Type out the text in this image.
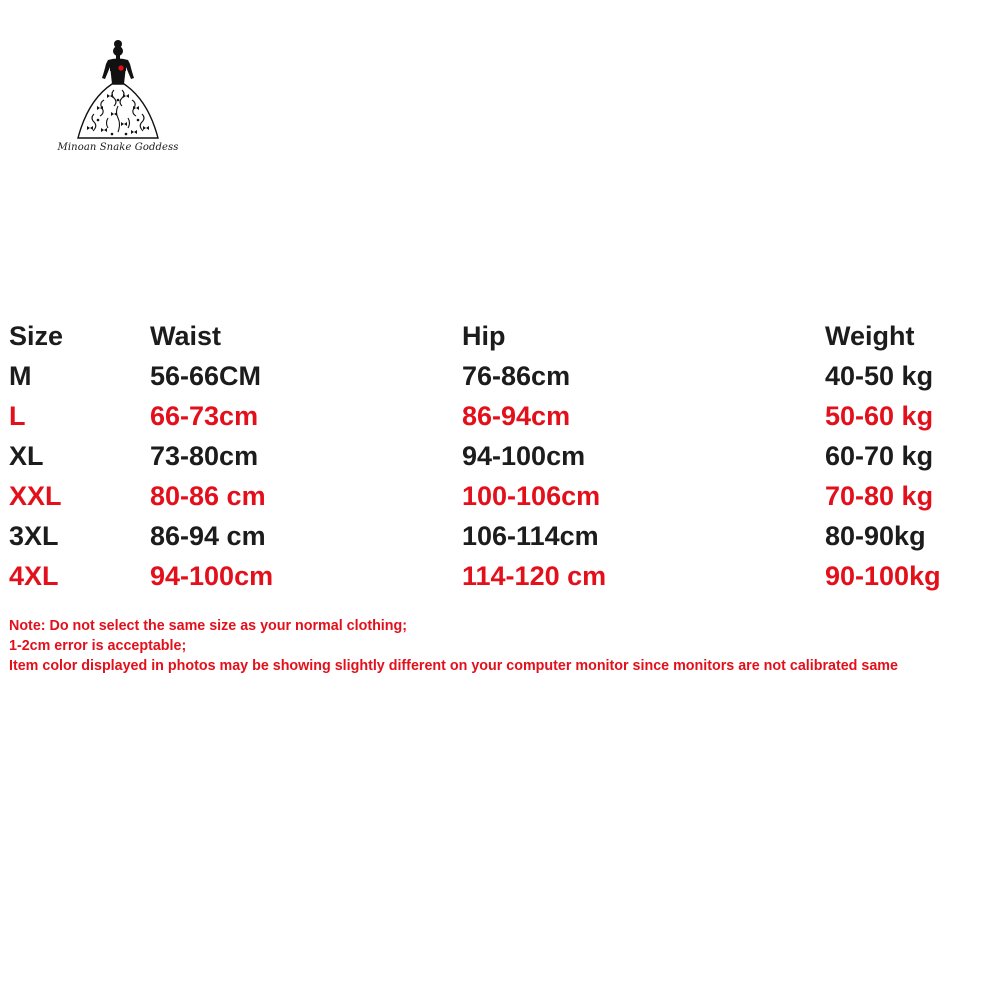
Minoan Snake Goddess
Size	Waist	Hip	Weight
M	56-66CM	76-86cm	40-50 kg
L	66-73cm	86-94cm	50-60 kg
XL	73-80cm	94-100cm	60-70 kg
XXL	80-86 cm	100-106cm	70-80 kg
3XL	86-94 cm	106-114cm	80-90kg
4XL	94-100cm	114-120 cm	90-100kg
Note: Do not select the same size as your normal clothing;
1-2cm error is acceptable;
Item color displayed in photos may be showing slightly different on your computer monitor since monitors are not calibrated same
